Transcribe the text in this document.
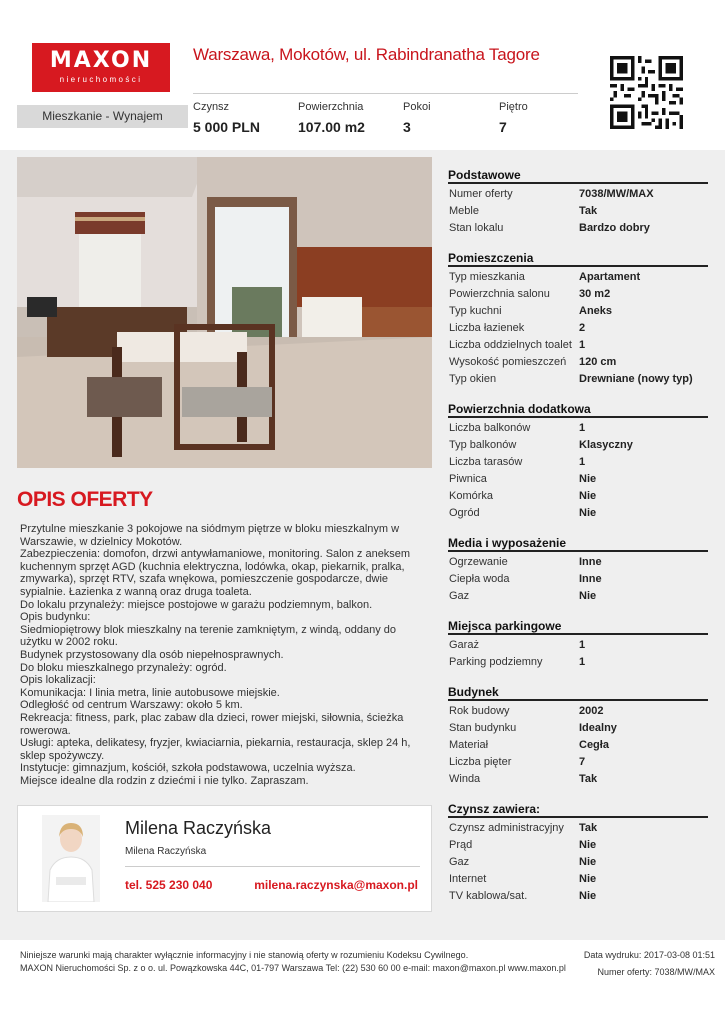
MAXON
nieruchomości
Warszawa, Mokotów, ul. Rabindranatha Tagore
Mieszkanie - Wynajem
Czynsz
5 000 PLN
Powierzchnia
107.00 m2
Pokoi
3
Piętro
7
OPIS OFERTY
Przytulne mieszkanie 3 pokojowe na siódmym piętrze w bloku mieszkalnym w Warszawie, w dzielnicy Mokotów.
Zabezpieczenia: domofon, drzwi antywłamaniowe, monitoring. Salon z aneksem kuchennym sprzęt AGD (kuchnia elektryczna, lodówka, okap, piekarnik, pralka, zmywarka), sprzęt RTV, szafa wnękowa, pomieszczenie gospodarcze, dwie sypialnie. Łazienka z wanną oraz druga toaleta.
Do lokalu przynależy: miejsce postojowe w garażu podziemnym, balkon.
Opis budynku:
Siedmiopiętrowy blok mieszkalny na terenie zamkniętym, z windą, oddany do użytku w 2002 roku.
Budynek przystosowany dla osób niepełnosprawnych.
Do bloku mieszkalnego przynależy: ogród.
Opis lokalizacji:
Komunikacja: I linia metra, linie autobusowe miejskie.
Odległość od centrum Warszawy: około 5 km.
Rekreacja: fitness, park, plac zabaw dla dzieci, rower miejski, siłownia, ścieżka rowerowa.
Usługi: apteka, delikatesy, fryzjer, kwiaciarnia, piekarnia, restauracja, sklep 24 h, sklep spożywczy.
Instytucje: gimnazjum, kościół, szkoła podstawowa, uczelnia wyższa.
Miejsce idealne dla rodzin z dziećmi i nie tylko. Zapraszam.
Milena Raczyńska
Milena Raczyńska
tel. 525 230 040	milena.raczynska@maxon.pl
Podstawowe
Numer oferty	7038/MW/MAX
Meble	Tak
Stan lokalu	Bardzo dobry
Pomieszczenia
Typ mieszkania	Apartament
Powierzchnia salonu	30 m2
Typ kuchni	Aneks
Liczba łazienek	2
Liczba oddzielnych toalet 1
Wysokość pomieszczeń 120 cm
Typ okien	Drewniane (nowy typ)
Powierzchnia dodatkowa
Liczba balkonów	1
Typ balkonów	Klasyczny
Liczba tarasów	1
Piwnica	Nie
Komórka	Nie
Ogród	Nie
Media i wyposażenie
Ogrzewanie	Inne
Ciepła woda	Inne
Gaz	Nie
Miejsca parkingowe
Garaż	1
Parking podziemny	1
Budynek
Rok budowy	2002
Stan budynku	Idealny
Materiał	Cegła
Liczba pięter	7
Winda	Tak
Czynsz zawiera:
Czynsz administracyjny Tak
Prąd	Nie
Gaz	Nie
Internet	Nie
TV kablowa/sat.	Nie
Niniejsze warunki mają charakter wyłącznie informacyjny i nie stanowią oferty w rozumieniu Kodeksu Cywilnego.
MAXON Nieruchomości Sp. z o o. ul. Powązkowska 44C, 01-797 Warszawa Tel: (22) 530 60 00 e-mail: maxon@maxon.pl www.maxon.pl
Data wydruku: 2017-03-08 01:51
Numer oferty: 7038/MW/MAX
